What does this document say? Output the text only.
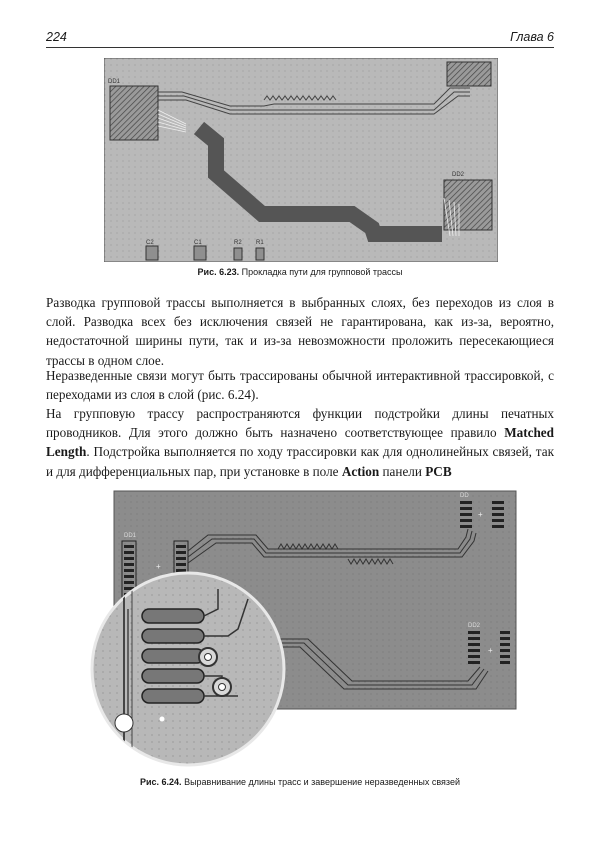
224	Глава 6
DD1
DD2
C2	C1	R2 R1
Рис. 6.23. Прокладка пути для групповой трассы

Разводка групповой трассы выполняется в выбранных слоях, без переходов из слоя в слой. Разводка всех без исключения связей не гарантирована, как из-за, вероятно, недостаточной ширины пути, так и из-за невозможности проложить пересекающиеся трассы в одном слое.

Неразведенные связи могут быть трассированы обычной интерактивной трассировкой, с переходами из слоя в слой (рис. 6.24).

На групповую трассу распространяются функции подстройки длины печатных проводников. Для этого должно быть назначено соответствующее правило Matched Length. Подстройка выполняется по ходу трассировки как для однолинейных связей, так и для дифференциальных пар, при установке в поле Action панели PCB

DD1
+
DD
+
DD2
+
Рис. 6.24. Выравнивание длины трасс и завершение неразведенных связей
